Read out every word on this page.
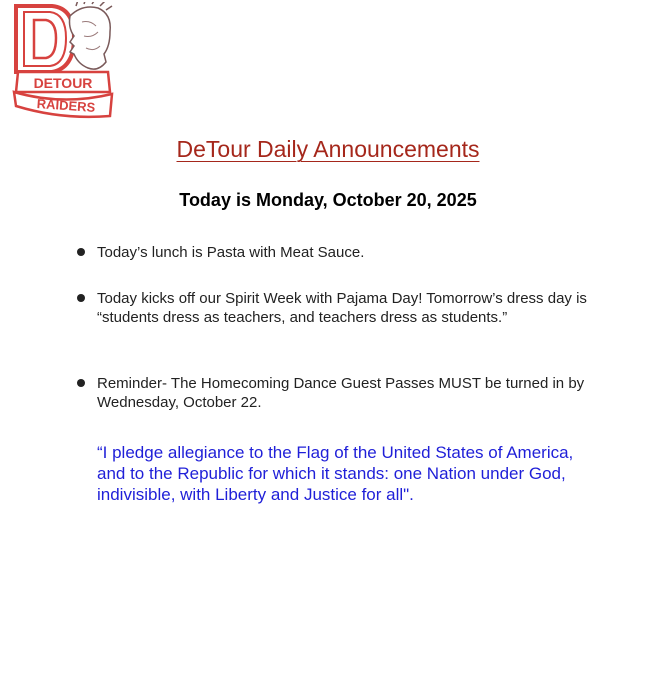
DETOUR
RAIDERS
DeTour Daily Announcements
Today is Monday, October 20, 2025
Today’s lunch is Pasta with Meat Sauce.
Today kicks off our Spirit Week with Pajama Day! Tomorrow’s dress day is “students dress as teachers, and teachers dress as students.”
Reminder- The Homecoming Dance Guest Passes MUST be turned in by Wednesday, October 22.

“I pledge allegiance to the Flag of the United States of America, and to the Republic for which it stands: one Nation under God, indivisible, with Liberty and Justice for all".
